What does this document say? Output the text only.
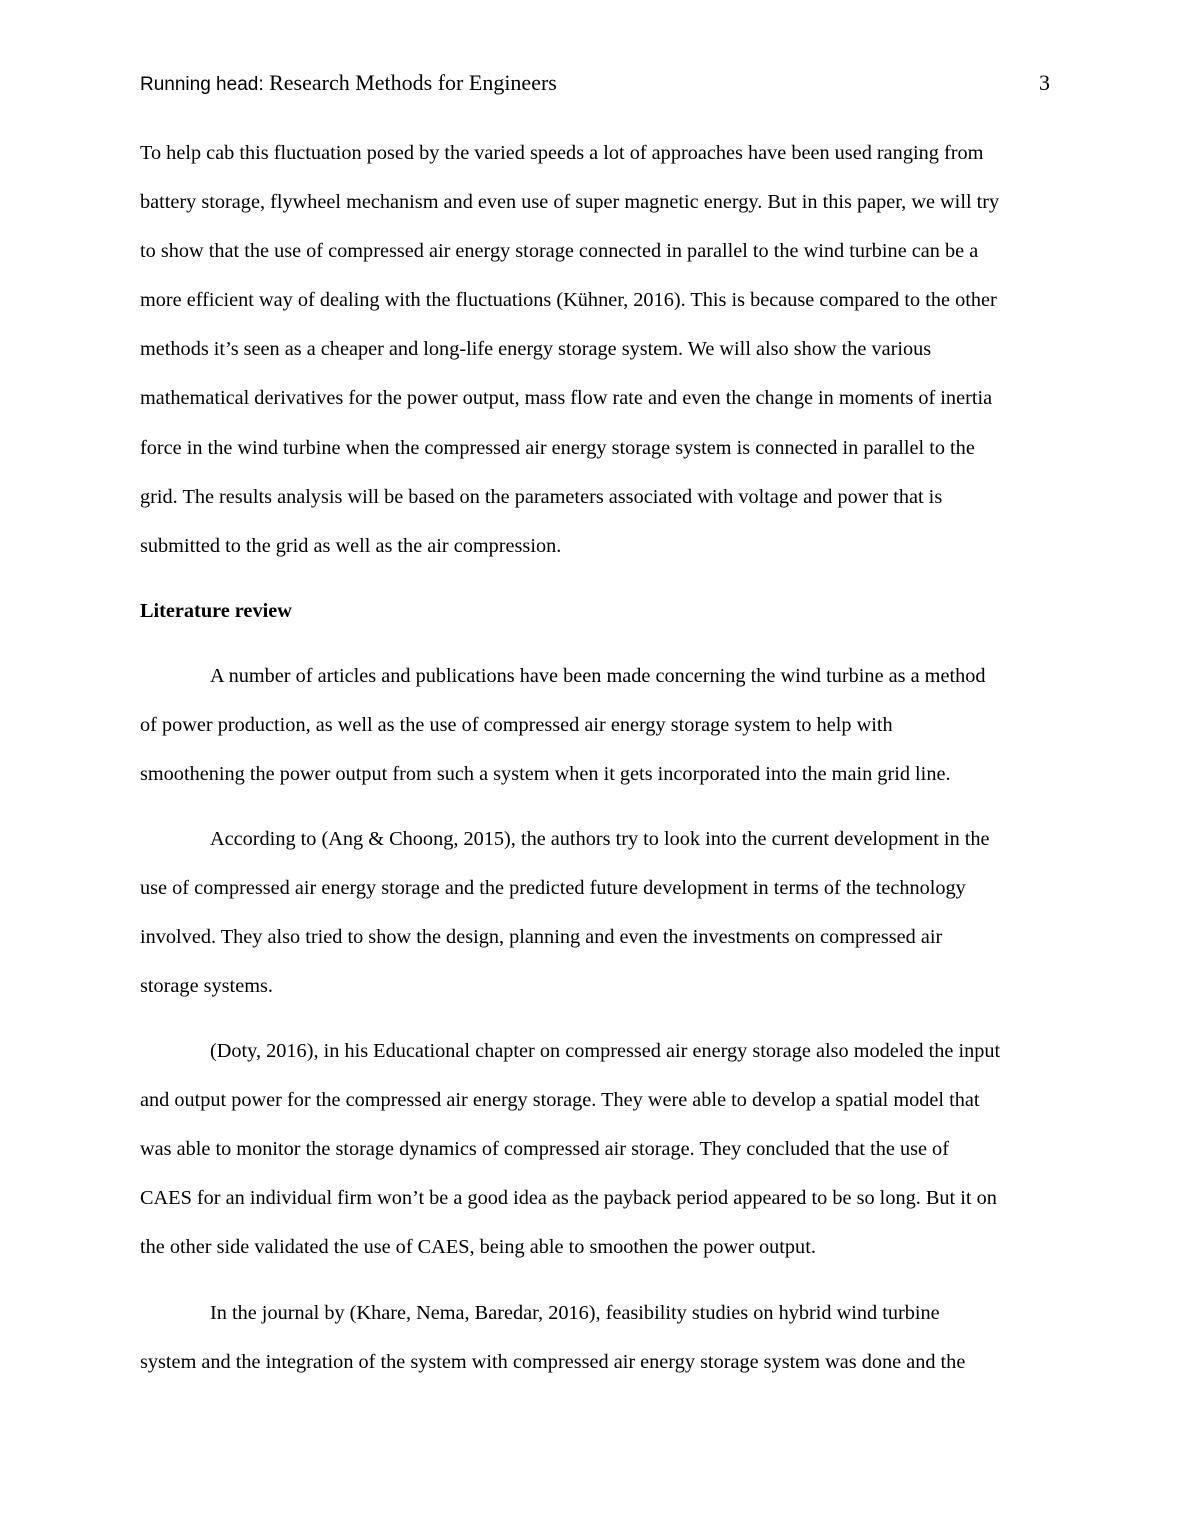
Running head: Research Methods for Engineers	3

To help cab this fluctuation posed by the varied speeds a lot of approaches have been used ranging from
battery storage, flywheel mechanism and even use of super magnetic energy. But in this paper, we will try
to show that the use of compressed air energy storage connected in parallel to the wind turbine can be a
more efficient way of dealing with the fluctuations (Kühner, 2016). This is because compared to the other
methods it’s seen as a cheaper and long-life energy storage system. We will also show the various
mathematical derivatives for the power output, mass flow rate and even the change in moments of inertia
force in the wind turbine when the compressed air energy storage system is connected in parallel to the
grid. The results analysis will be based on the parameters associated with voltage and power that is
submitted to the grid as well as the air compression.

Literature review

A number of articles and publications have been made concerning the wind turbine as a method
of power production, as well as the use of compressed air energy storage system to help with
smoothening the power output from such a system when it gets incorporated into the main grid line.

According to (Ang & Choong, 2015), the authors try to look into the current development in the
use of compressed air energy storage and the predicted future development in terms of the technology
involved. They also tried to show the design, planning and even the investments on compressed air
storage systems.

(Doty, 2016), in his Educational chapter on compressed air energy storage also modeled the input
and output power for the compressed air energy storage. They were able to develop a spatial model that
was able to monitor the storage dynamics of compressed air storage. They concluded that the use of
CAES for an individual firm won’t be a good idea as the payback period appeared to be so long. But it on
the other side validated the use of CAES, being able to smoothen the power output.

In the journal by (Khare, Nema, Baredar, 2016), feasibility studies on hybrid wind turbine
system and the integration of the system with compressed air energy storage system was done and the
